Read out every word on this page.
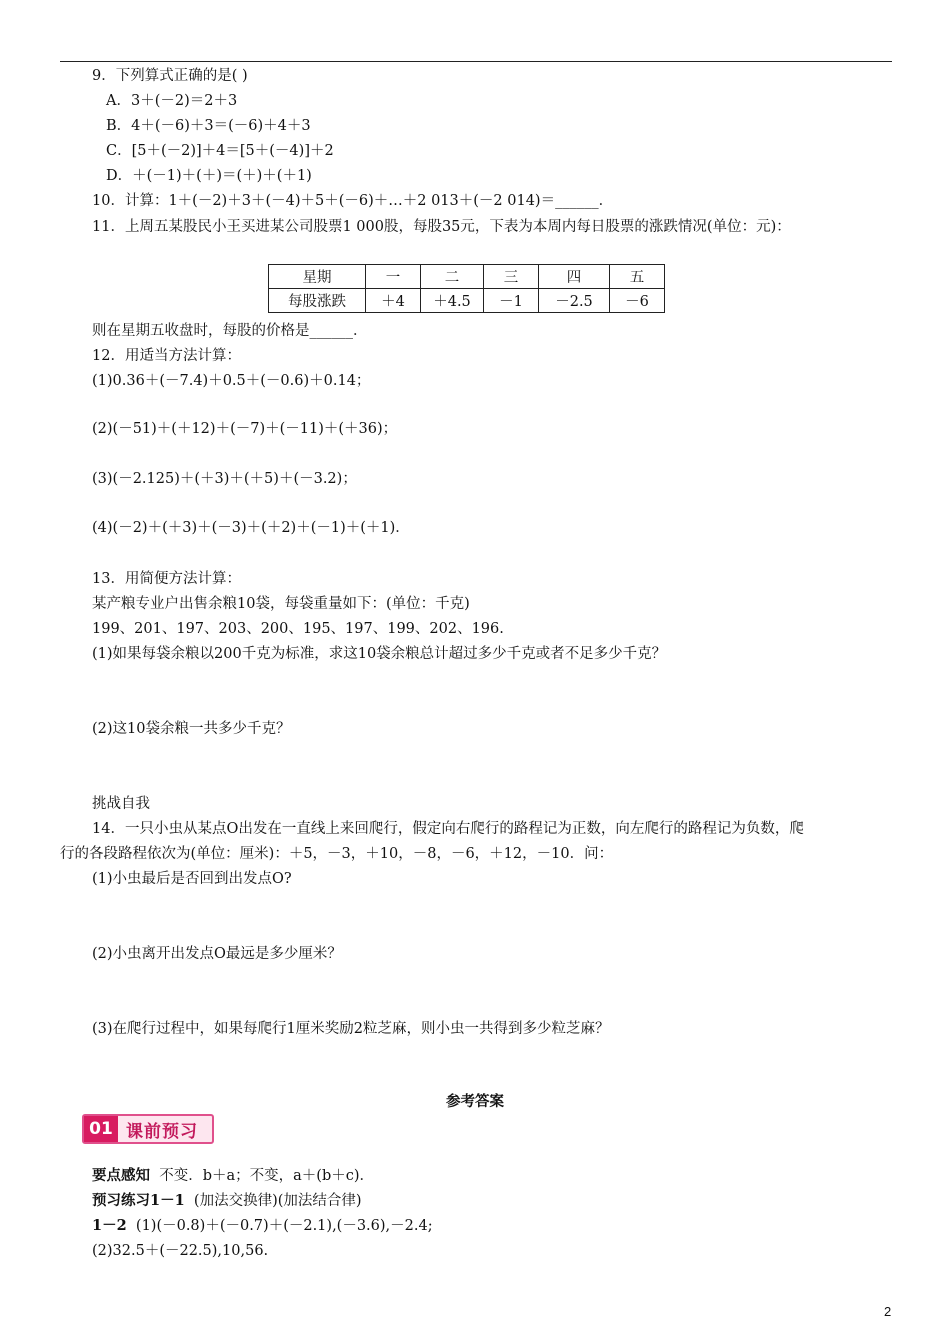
9．下列算式正确的是( )
A．3＋(－2)＝2＋3
B．4＋(－6)＋3＝(－6)＋4＋3
C．[5＋(－2)]＋4＝[5＋(－4)]＋2
D．＋(－1)＋(＋)＝(＋)＋(＋1)
10．计算：1＋(－2)＋3＋(－4)＋5＋(－6)＋…＋2 013＋(－2 014)＝______．
11．上周五某股民小王买进某公司股票1 000股，每股35元，下表为本周内每日股票的涨跌情况(单位：元)：
星期	一	二	三	四	五
每股涨跌	＋4	＋4.5	－1	－2.5	－6
则在星期五收盘时，每股的价格是______．
12．用适当方法计算：
(1)0.36＋(－7.4)＋0.5＋(－0.6)＋0.14；
(2)(－51)＋(＋12)＋(－7)＋(－11)＋(＋36)；
(3)(－2.125)＋(＋3)＋(＋5)＋(－3.2)；
(4)(－2)＋(＋3)＋(－3)＋(＋2)＋(－1)＋(＋1)．
13．用简便方法计算：
某产粮专业户出售余粮10袋，每袋重量如下：(单位：千克)
199、201、197、203、200、195、197、199、202、196.
(1)如果每袋余粮以200千克为标准，求这10袋余粮总计超过多少千克或者不足多少千克？
(2)这10袋余粮一共多少千克？
挑战自我
14．一只小虫从某点O出发在一直线上来回爬行，假定向右爬行的路程记为正数，向左爬行的路程记为负数，爬
行的各段路程依次为(单位：厘米)：＋5，－3，＋10，－8，－6，＋12，－10．问：
(1)小虫最后是否回到出发点O?
(2)小虫离开出发点O最远是多少厘米？
(3)在爬行过程中，如果每爬行1厘米奖励2粒芝麻，则小虫一共得到多少粒芝麻？
参考答案
01 课前预习
要点感知 不变．b＋a；不变，a＋(b＋c)．
预习练习1－1 (加法交换律)(加法结合律)
1－2 (1)(－0.8)＋(－0.7)＋(－2.1),(－3.6),－2.4;
(2)32.5＋(－22.5),10,56.
2
